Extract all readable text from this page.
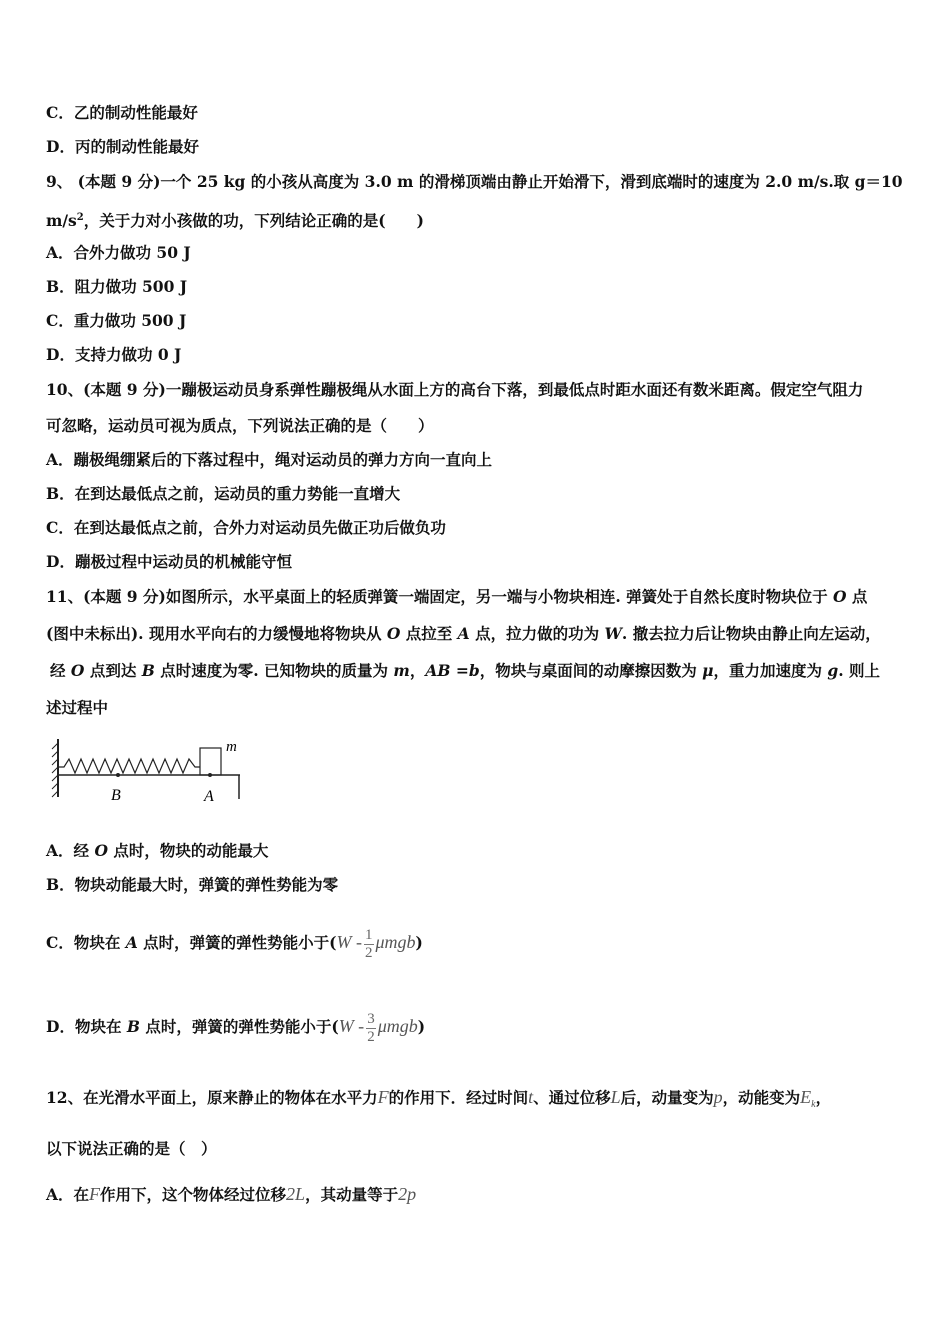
C．乙的制动性能最好
D．丙的制动性能最好
9、 (本题 9 分)一个 25 kg 的小孩从高度为 3.0 m 的滑梯顶端由静止开始滑下，滑到底端时的速度为 2.0 m/s.取 g＝10
$m/s^2$，关于力对小孩做的功，下列结论正确的是(　　)
A．合外力做功 50 J
B．阻力做功 500 J
C．重力做功 500 J
D．支持力做功 0 J
10、(本题 9 分)一蹦极运动员身系弹性蹦极绳从水面上方的高台下落，到最低点时距水面还有数米距离。假定空气阻力
可忽略，运动员可视为质点，下列说法正确的是（　　）
A．蹦极绳绷紧后的下落过程中，绳对运动员的弹力方向一直向上
B．在到达最低点之前，运动员的重力势能一直增大
C．在到达最低点之前，合外力对运动员先做正功后做负功
D．蹦极过程中运动员的机械能守恒
11、(本题 9 分)如图所示，水平桌面上的轻质弹簧一端固定，另一端与小物块相连. 弹簧处于自然长度时物块位于 O 点
(图中未标出). 现用水平向右的力缓慢地将物块从 O 点拉至 A 点，拉力做的功为 W. 撤去拉力后让物块由静止向左运动，
经 O 点到达 B 点时速度为零. 已知物块的质量为 m，AB =b，物块与桌面间的动摩擦因数为 μ，重力加速度为 g. 则上
述过程中
m
B	A
A．经 O 点时，物块的动能最大
B．物块动能最大时，弹簧的弹性势能为零
C．物块在 A 点时，弹簧的弹性势能小于$(W - \frac{1}{2} \mu mgb)$
D．物块在 B 点时，弹簧的弹性势能小于$(W - \frac{3}{2} \mu mgb)$
12、在光滑水平面上，原来静止的物体在水平力F的作用下．经过时间t、通过位移L后，动量变为p，动能变为$E_k$，
以下说法正确的是（　）
A．在F作用下，这个物体经过位移2L，其动量等于2p
